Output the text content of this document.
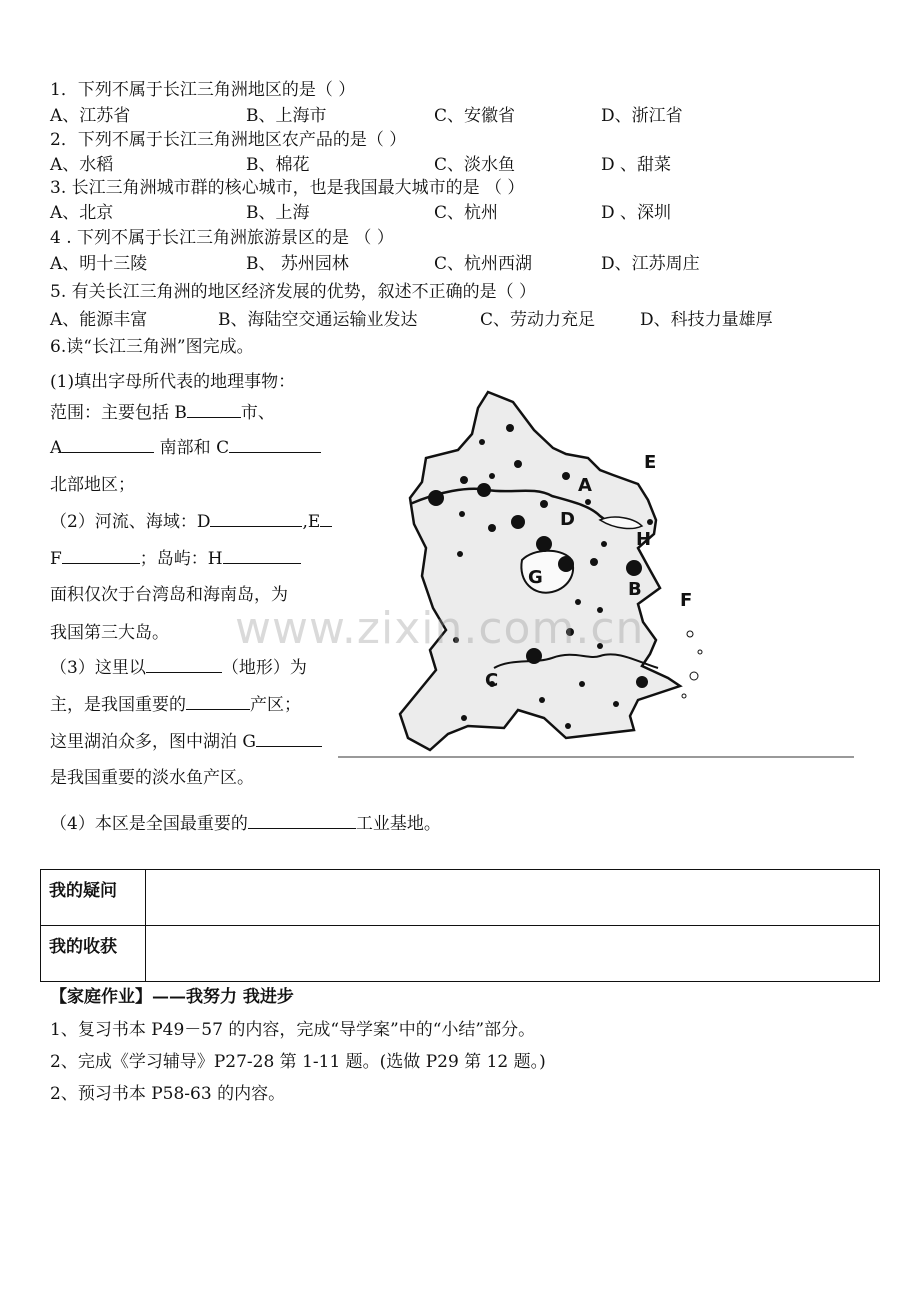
1．下列不属于长江三角洲地区的是（ ）
A、江苏省	B、上海市	C、安徽省	D、浙江省
2．下列不属于长江三角洲地区农产品的是（ ）
A、水稻	B、棉花	C、淡水鱼	D 、甜菜
3. 长江三角洲城市群的核心城市，也是我国最大城市的是 （ ）
A、北京	B、上海	C、杭州	D 、深圳
4 . 下列不属于长江三角洲旅游景区的是 （ ）
A、明十三陵	B、 苏州园林	C、杭州西湖	D、江苏周庄
5. 有关长江三角洲的地区经济发展的优势，叙述不正确的是（ ）
A、能源丰富	B、海陆空交通运输业发达	C、劳动力充足	D、科技力量雄厚
6.读“长江三角洲”图完成。
(1)填出字母所代表的地理事物：
范围：主要包括 B	市、
A	南部和 C
北部地区；
（2）河流、海域：D	,E
F	；岛屿：H
面积仅次于台湾岛和海南岛，为
我国第三大岛。
（3）这里以	（地形）为
主，是我国重要的	产区；
这里湖泊众多，图中湖泊 G
是我国重要的淡水鱼产区。
（4）本区是全国最重要的	工业基地。
A
B
C
D
E
F
G
H
www.zixin.com.cn
我的疑问	
我的收获	
【家庭作业】——我努力 我进步
1、复习书本 P49－57 的内容，完成“导学案”中的“小结”部分。
2、完成《学习辅导》P27-28 第 1-11 题。(选做 P29 第 12 题。)
2、预习书本 P58-63 的内容。
